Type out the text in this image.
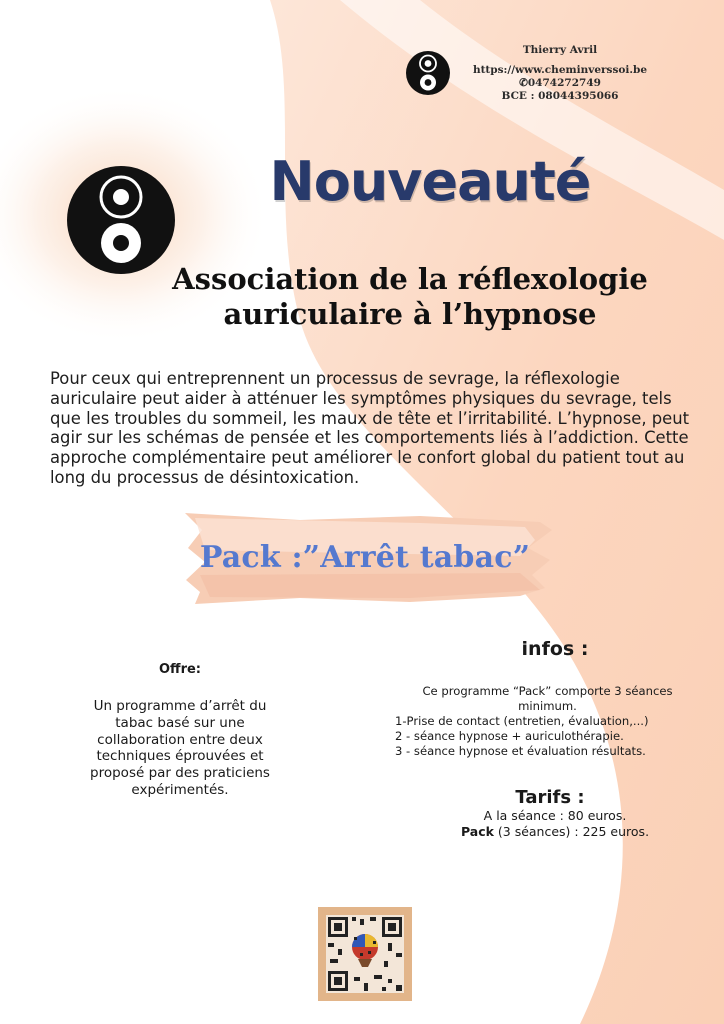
Thierry Avril
https://www.cheminverssoi.be
✆0474272749
BCE : 08044395066
Nouveauté
Association de la réflexologie
auriculaire à l’hypnose
Pour ceux qui entreprennent un processus de sevrage, la réflexologie auriculaire peut aider à atténuer les symptômes physiques du sevrage, tels que les troubles du sommeil, les maux de tête et l’irritabilité. L’hypnose, peut agir sur les schémas de pensée et les comportements liés à l’addiction. Cette approche complémentaire peut améliorer le confort global du patient tout au long du processus de désintoxication.
Pack :”Arrêt tabac”
Offre:
Un programme d’arrêt du tabac basé sur une collaboration entre deux techniques éprouvées et proposé par des praticiens expérimentés.
infos :
Ce programme “Pack” comporte 3 séances minimum.
1-Prise de contact (entretien, évaluation,...)
2 - séance hypnose + auriculothérapie.
3 - séance hypnose et évaluation résultats.
Tarifs :
A la séance : 80 euros.
Pack (3 séances) : 225 euros.
